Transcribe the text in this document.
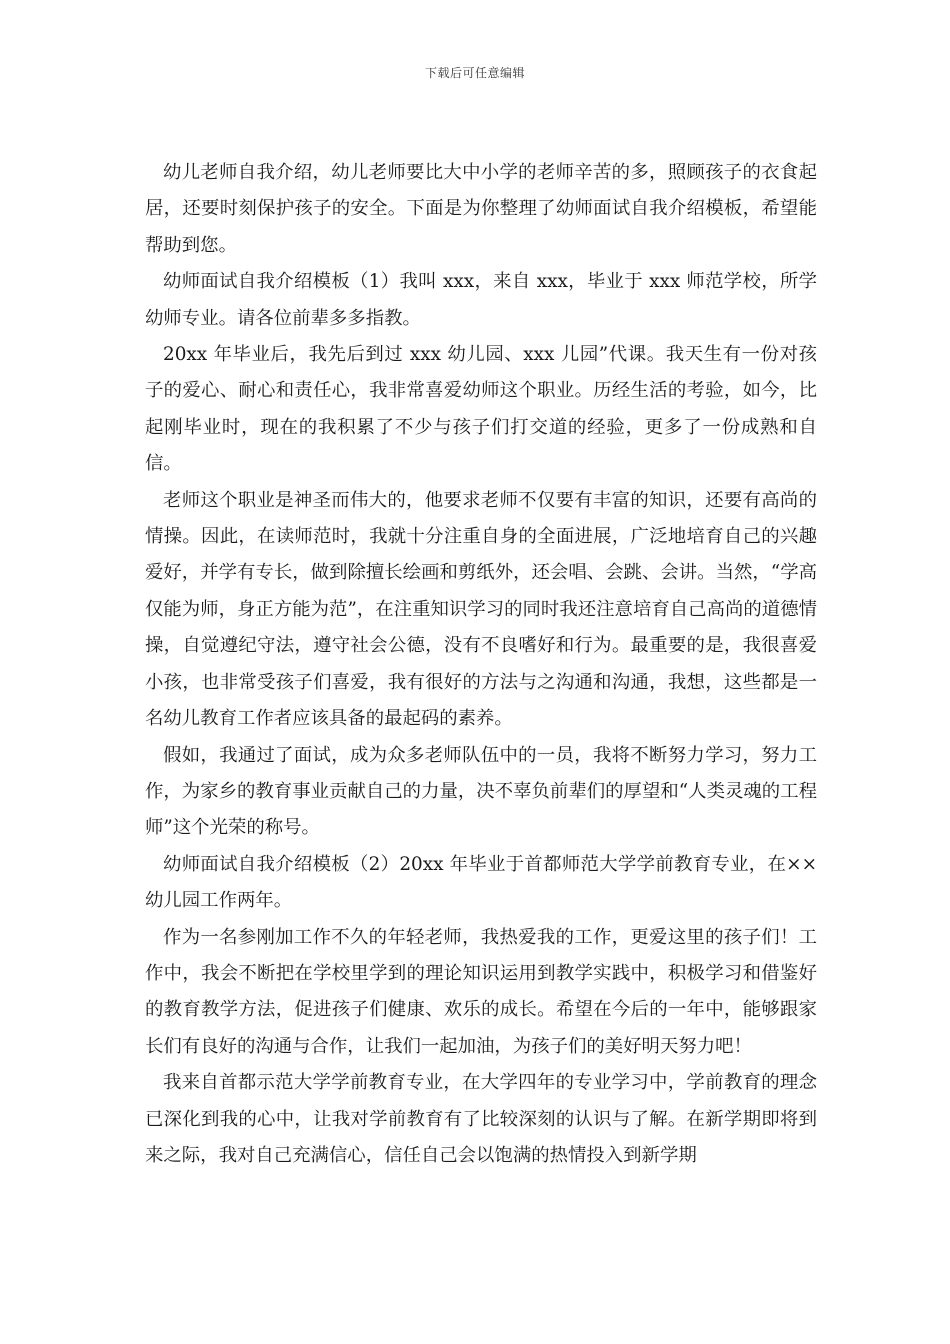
下载后可任意编辑

幼儿老师自我介绍，幼儿老师要比大中小学的老师辛苦的多，照顾孩子的衣食起居，还要时刻保护孩子的安全。下面是为你整理了幼师面试自我介绍模板，希望能帮助到您。

幼师面试自我介绍模板（1）我叫 xxx，来自 xxx，毕业于 xxx 师范学校，所学幼师专业。请各位前辈多多指教。

20xx 年毕业后，我先后到过 xxx 幼儿园、xxx 儿园”代课。我天生有一份对孩子的爱心、耐心和责任心，我非常喜爱幼师这个职业。历经生活的考验，如今，比起刚毕业时，现在的我积累了不少与孩子们打交道的经验，更多了一份成熟和自信。

老师这个职业是神圣而伟大的，他要求老师不仅要有丰富的知识，还要有高尚的情操。因此，在读师范时，我就十分注重自身的全面进展，广泛地培育自己的兴趣爱好，并学有专长，做到除擅长绘画和剪纸外，还会唱、会跳、会讲。当然，“学高仅能为师，身正方能为范”，在注重知识学习的同时我还注意培育自己高尚的道德情操，自觉遵纪守法，遵守社会公德，没有不良嗜好和行为。最重要的是，我很喜爱小孩，也非常受孩子们喜爱，我有很好的方法与之沟通和沟通，我想，这些都是一名幼儿教育工作者应该具备的最起码的素养。

假如，我通过了面试，成为众多老师队伍中的一员，我将不断努力学习，努力工作，为家乡的教育事业贡献自己的力量，决不辜负前辈们的厚望和“人类灵魂的工程师”这个光荣的称号。

幼师面试自我介绍模板（2）20xx 年毕业于首都师范大学学前教育专业，在××幼儿园工作两年。

作为一名参刚加工作不久的年轻老师，我热爱我的工作，更爱这里的孩子们！工作中，我会不断把在学校里学到的理论知识运用到教学实践中，积极学习和借鉴好的教育教学方法，促进孩子们健康、欢乐的成长。希望在今后的一年中，能够跟家长们有良好的沟通与合作，让我们一起加油，为孩子们的美好明天努力吧！

我来自首都示范大学学前教育专业，在大学四年的专业学习中，学前教育的理念已深化到我的心中，让我对学前教育有了比较深刻的认识与了解。在新学期即将到来之际，我对自己充满信心，信任自己会以饱满的热情投入到新学期
